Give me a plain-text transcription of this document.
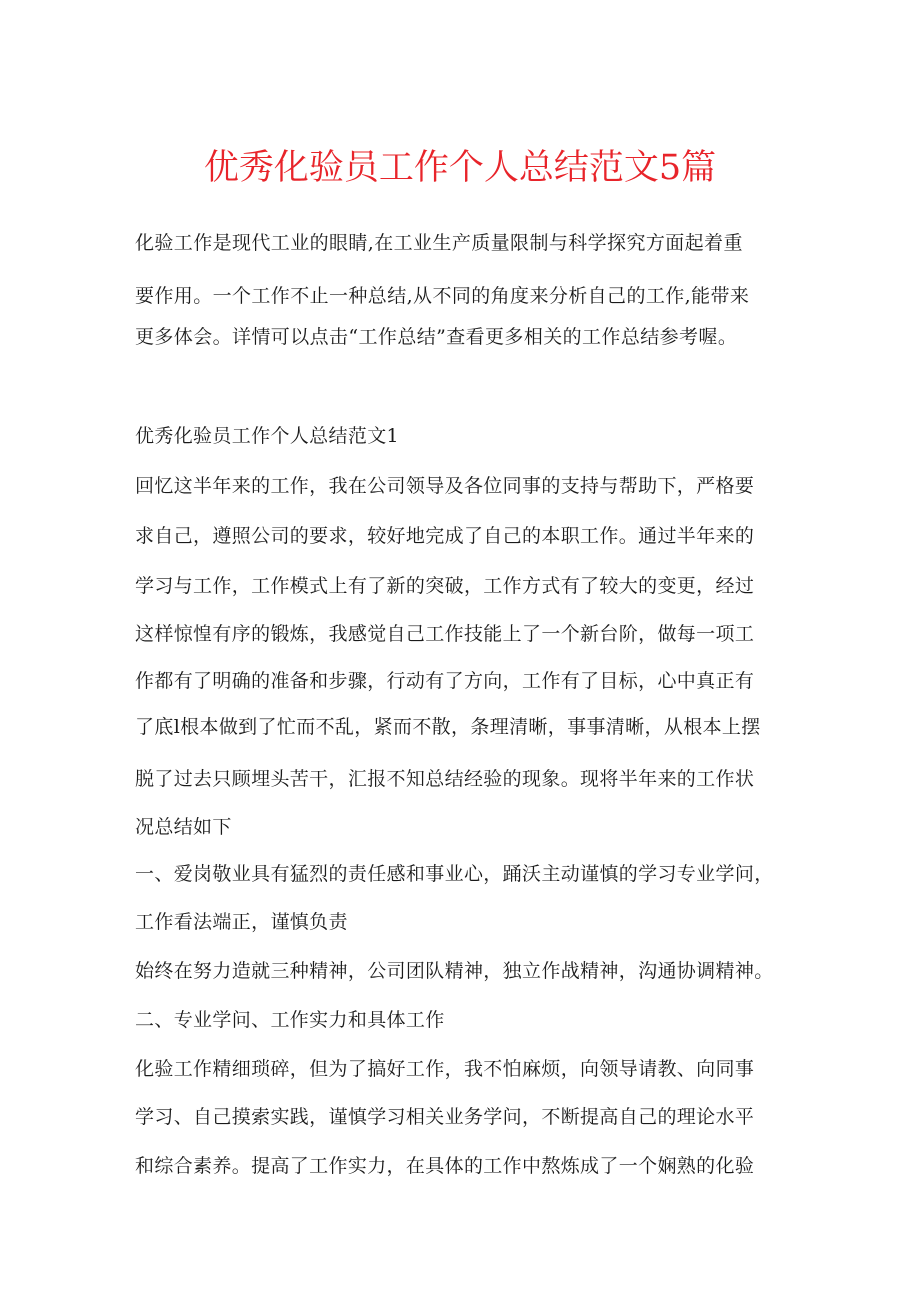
优秀化验员工作个人总结范文5篇

化验工作是现代工业的眼睛,在工业生产质量限制与科学探究方面起着重

要作用。一个工作不止一种总结,从不同的角度来分析自己的工作,能带来

更多体会。详情可以点击“工作总结”查看更多相关的工作总结参考喔。

优秀化验员工作个人总结范文1

回忆这半年来的工作，我在公司领导及各位同事的支持与帮助下，严格要

求自己，遵照公司的要求，较好地完成了自己的本职工作。通过半年来的

学习与工作，工作模式上有了新的突破，工作方式有了较大的变更，经过

这样惊惶有序的锻炼，我感觉自己工作技能上了一个新台阶，做每一项工

作都有了明确的准备和步骤，行动有了方向，工作有了目标，心中真正有

了底l根本做到了忙而不乱，紧而不散，条理清晰，事事清晰，从根本上摆

脱了过去只顾埋头苦干，汇报不知总结经验的现象。现将半年来的工作状

况总结如下

一、爱岗敬业具有猛烈的责任感和事业心，踊沃主动谨慎的学习专业学问，

工作看法端正，谨慎负责

始终在努力造就三种精神，公司团队精神，独立作战精神，沟通协调精神。

二、专业学问、工作实力和具体工作

化验工作精细琐碎，但为了搞好工作，我不怕麻烦，向领导请教、向同事

学习、自己摸索实践，谨慎学习相关业务学问，不断提高自己的理论水平

和综合素养。提高了工作实力，在具体的工作中熬炼成了一个娴熟的化验
